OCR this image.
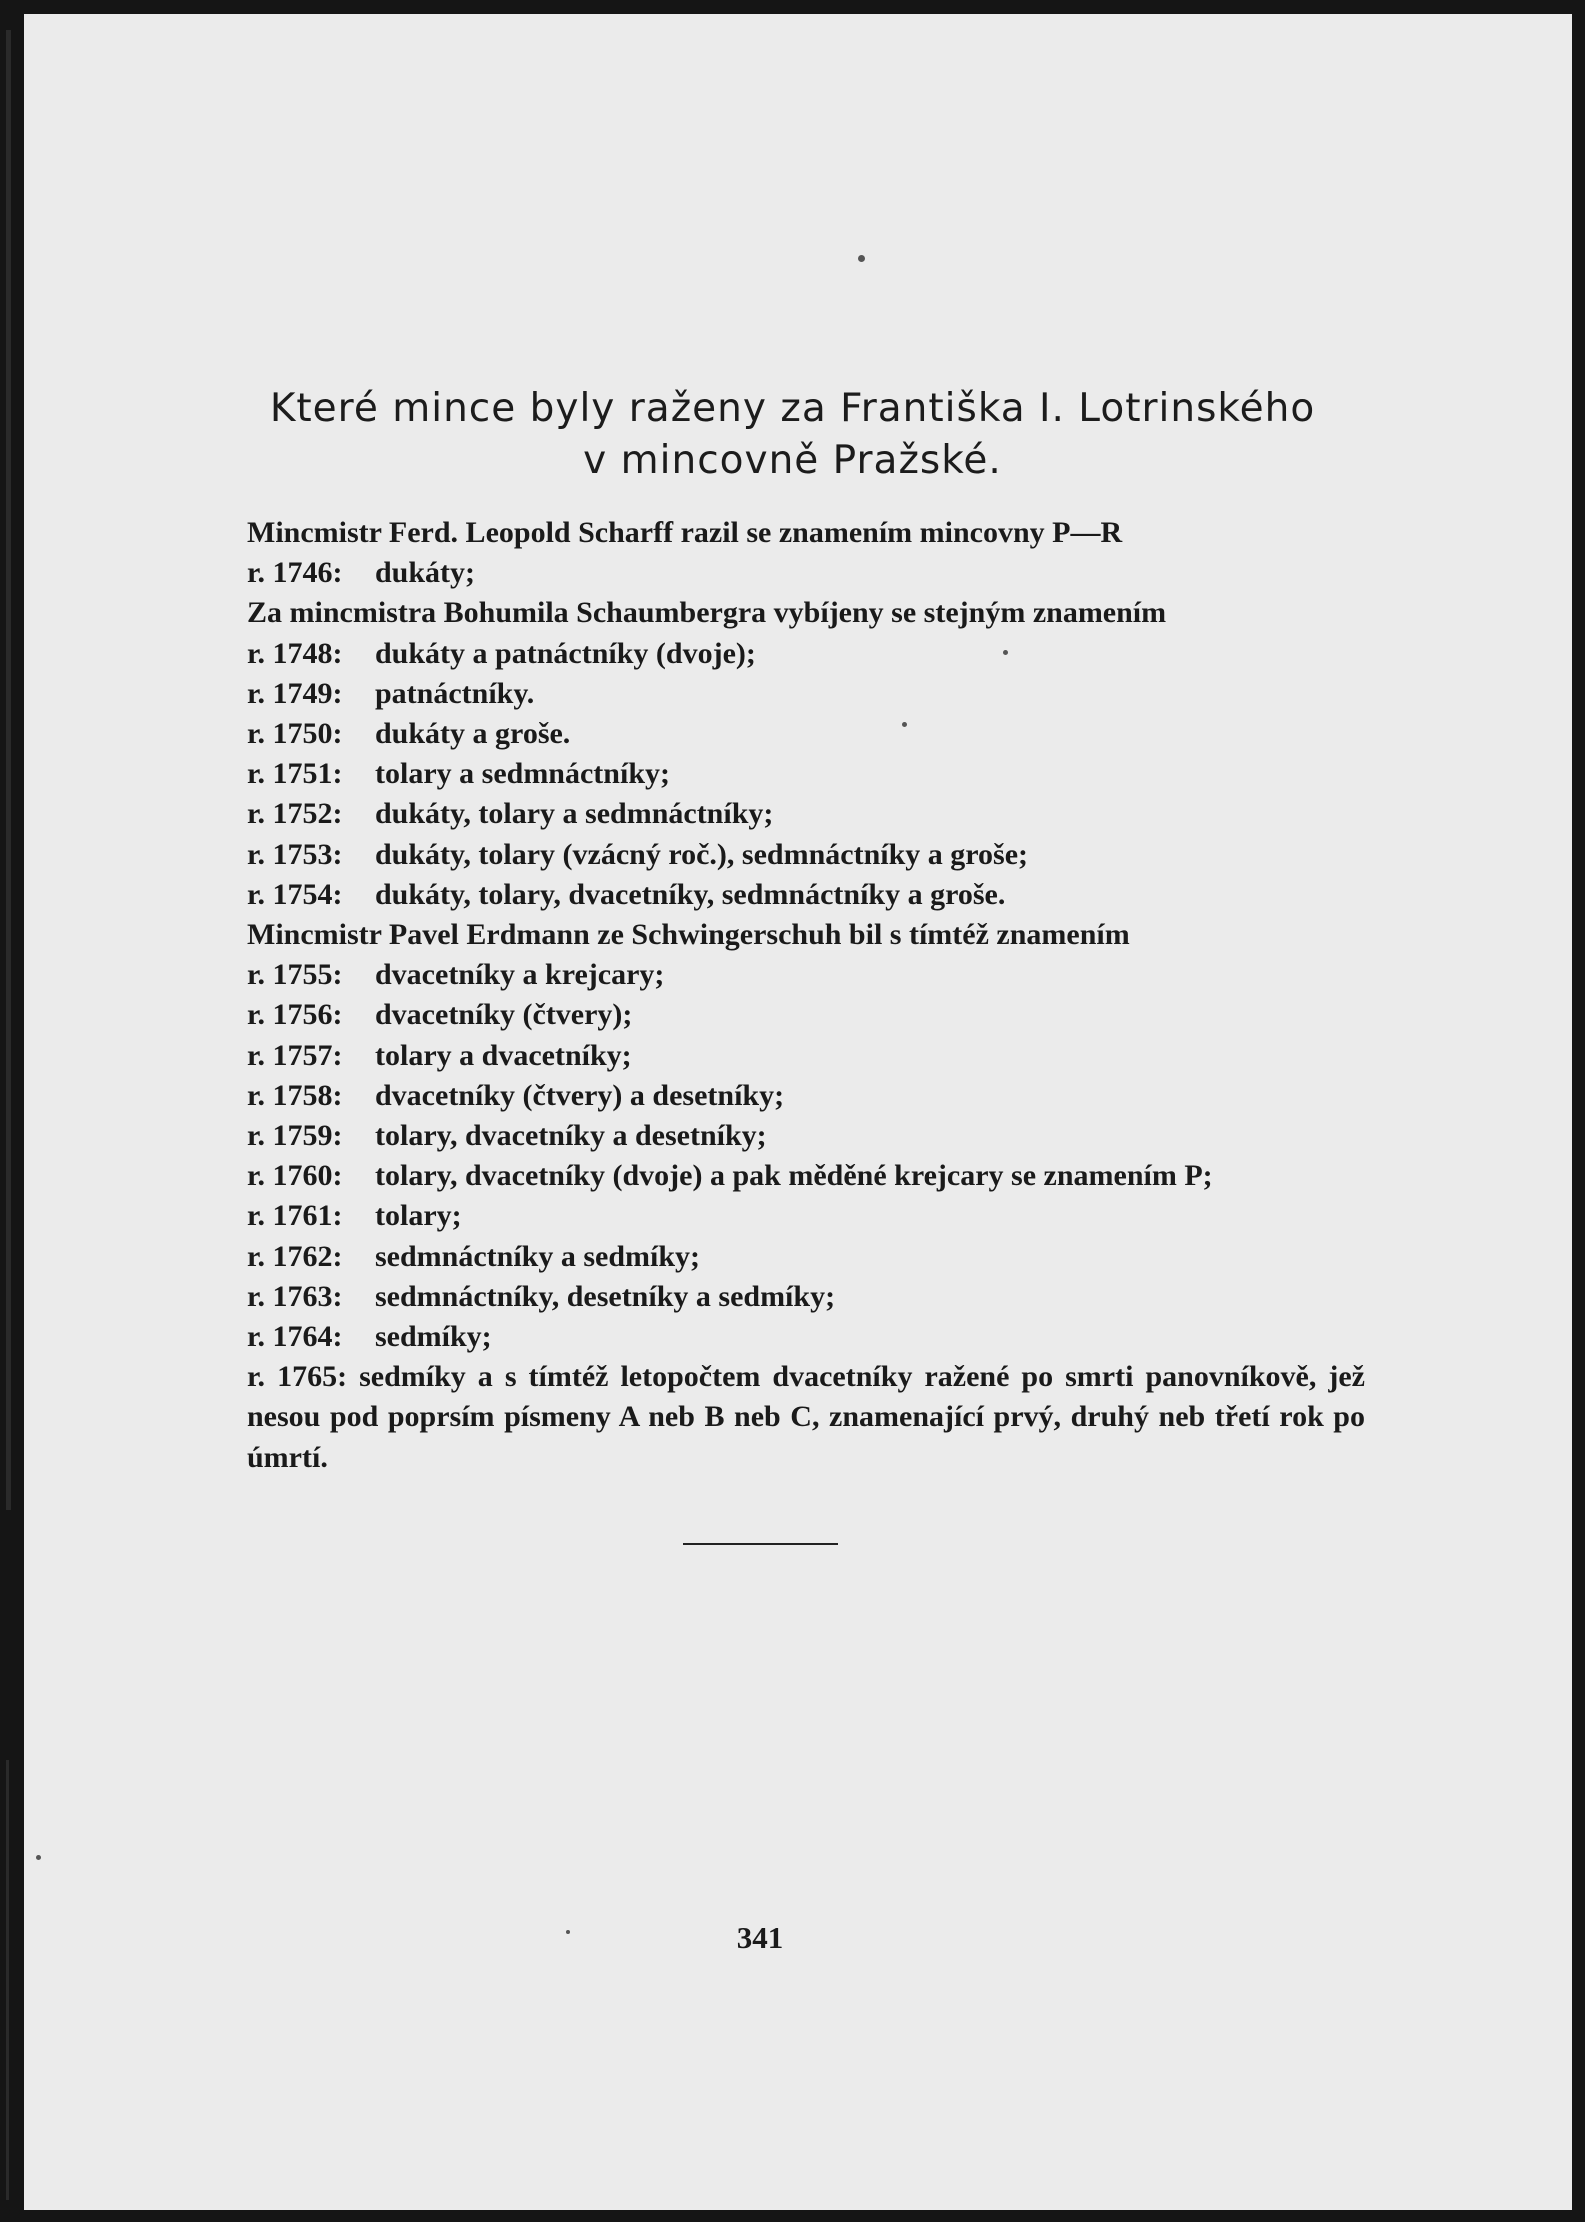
Které mince byly raženy za Františka I. Lotrinského
v mincovně Pražské.
Mincmistr Ferd. Leopold Scharff razil se znamením mincovny P—R
r. 1746: dukáty;
Za mincmistra Bohumila Schaumbergra vybíjeny se stejným znamením
r. 1748: dukáty a patnáctníky (dvoje);
r. 1749: patnáctníky.
r. 1750: dukáty a groše.
r. 1751: tolary a sedmnáctníky;
r. 1752: dukáty, tolary a sedmnáctníky;
r. 1753: dukáty, tolary (vzácný roč.), sedmnáctníky a groše;
r. 1754: dukáty, tolary, dvacetníky, sedmnáctníky a groše.
Mincmistr Pavel Erdmann ze Schwingerschuh bil s tímtéž znamením
r. 1755: dvacetníky a krejcary;
r. 1756: dvacetníky (čtvery);
r. 1757: tolary a dvacetníky;
r. 1758: dvacetníky (čtvery) a desetníky;
r. 1759: tolary, dvacetníky a desetníky;
r. 1760: tolary, dvacetníky (dvoje) a pak měděné krejcary se znamením P;
r. 1761: tolary;
r. 1762: sedmnáctníky a sedmíky;
r. 1763: sedmnáctníky, desetníky a sedmíky;
r. 1764: sedmíky;
r. 1765: sedmíky a s tímtéž letopočtem dvacetníky ražené po smrti panovníkově, jež nesou pod poprsím písmeny A neb B neb C, znamenající prvý, druhý neb třetí rok po úmrtí.
341
